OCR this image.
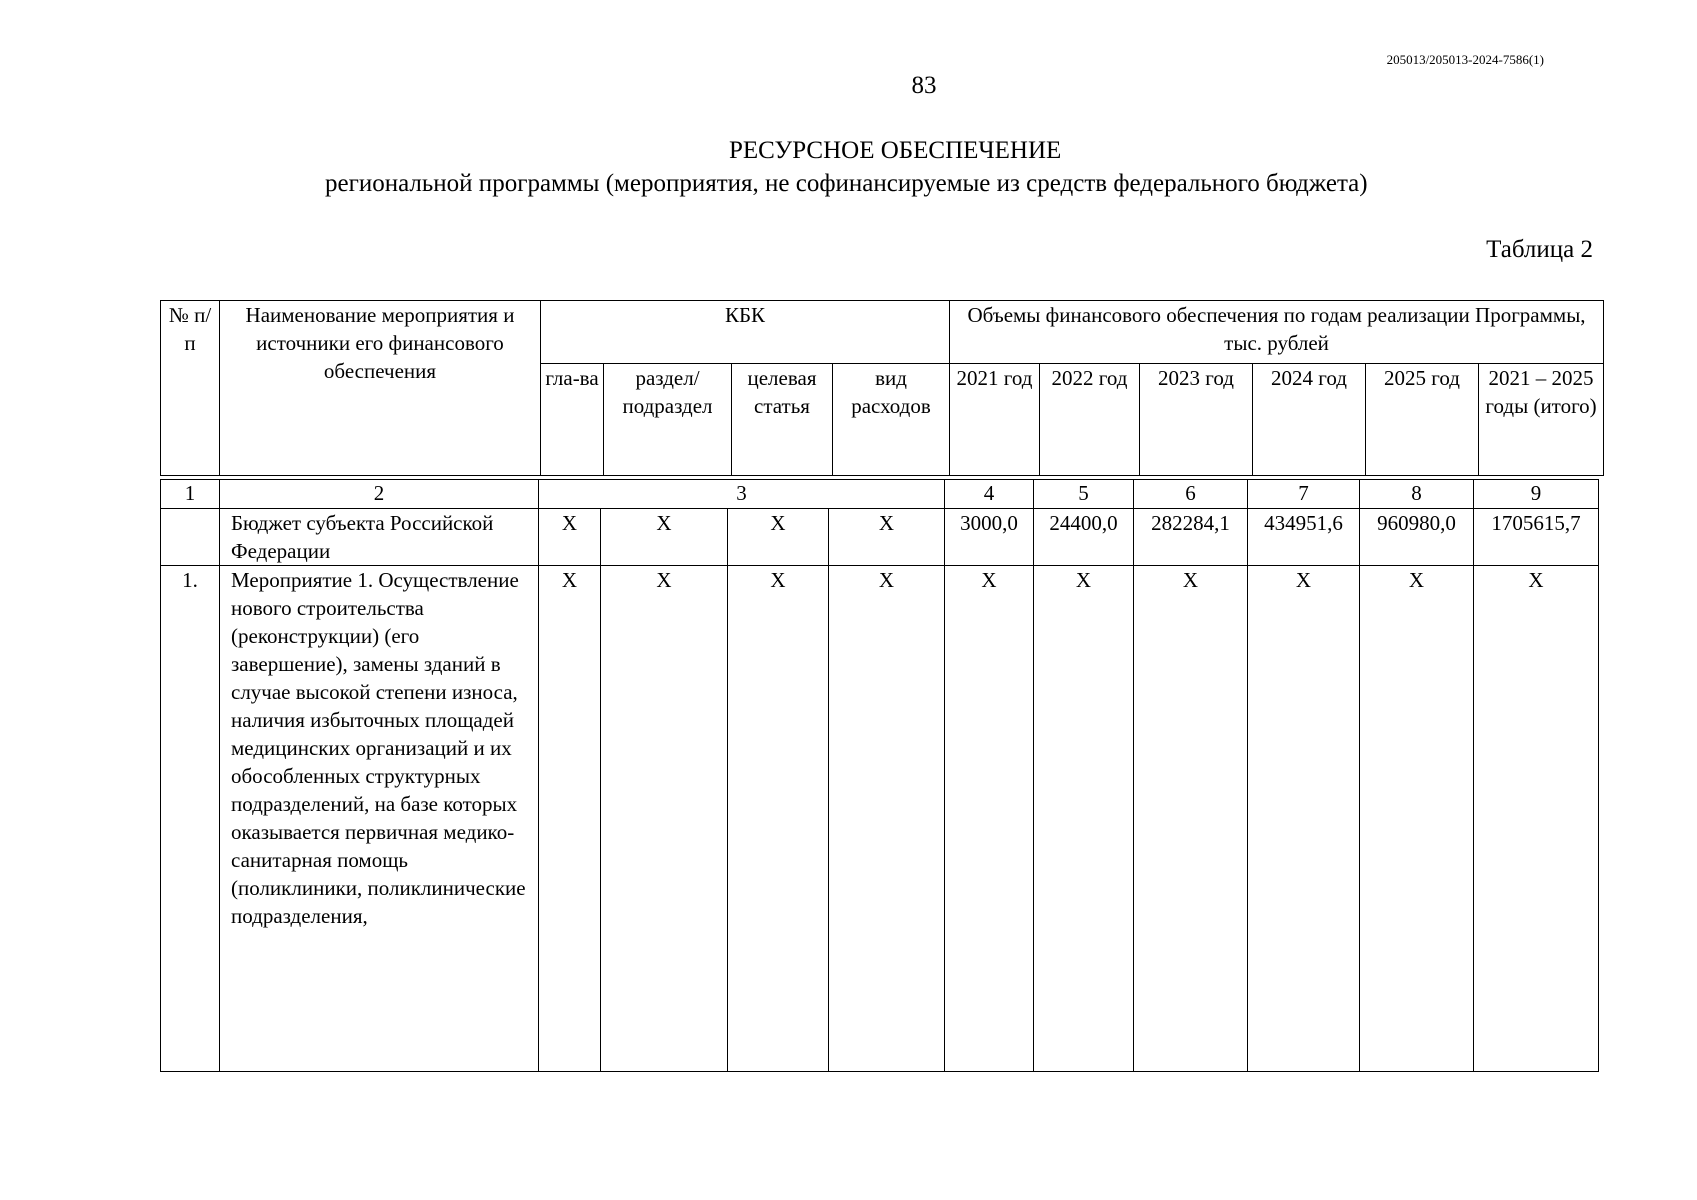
205013/205013-2024-7586(1)
83
РЕСУРСНОЕ ОБЕСПЕЧЕНИЕ
региональной программы (мероприятия, не софинансируемые из средств федерального бюджета)
Таблица 2
№ п/п	Наименование мероприятия и источники его финансового обеспечения	КБК				Объемы финансового обеспечения по годам реализации Программы, тыс. рублей					
		гла-ва	раздел/ подраздел	целевая статья	вид расходов	2021 год	2022 год	2023 год	2024 год	2025 год	2021 – 2025 годы (итого)
1	2	3				4	5	6	7	8	9
	Бюджет субъекта Российской Федерации	X	X	X	X	3000,0	24400,0	282284,1	434951,6	960980,0	1705615,7
1.	Мероприятие 1. Осуществление нового строительства (реконструкции) (его завершение), замены зданий в случае высокой степени износа, наличия избыточных площадей медицинских организаций и их обособленных структурных подразделений, на базе которых оказывается первичная медико-санитарная помощь (поликлиники, поликлинические подразделения,	X	X	X	X	X	X	X	X	X	X
